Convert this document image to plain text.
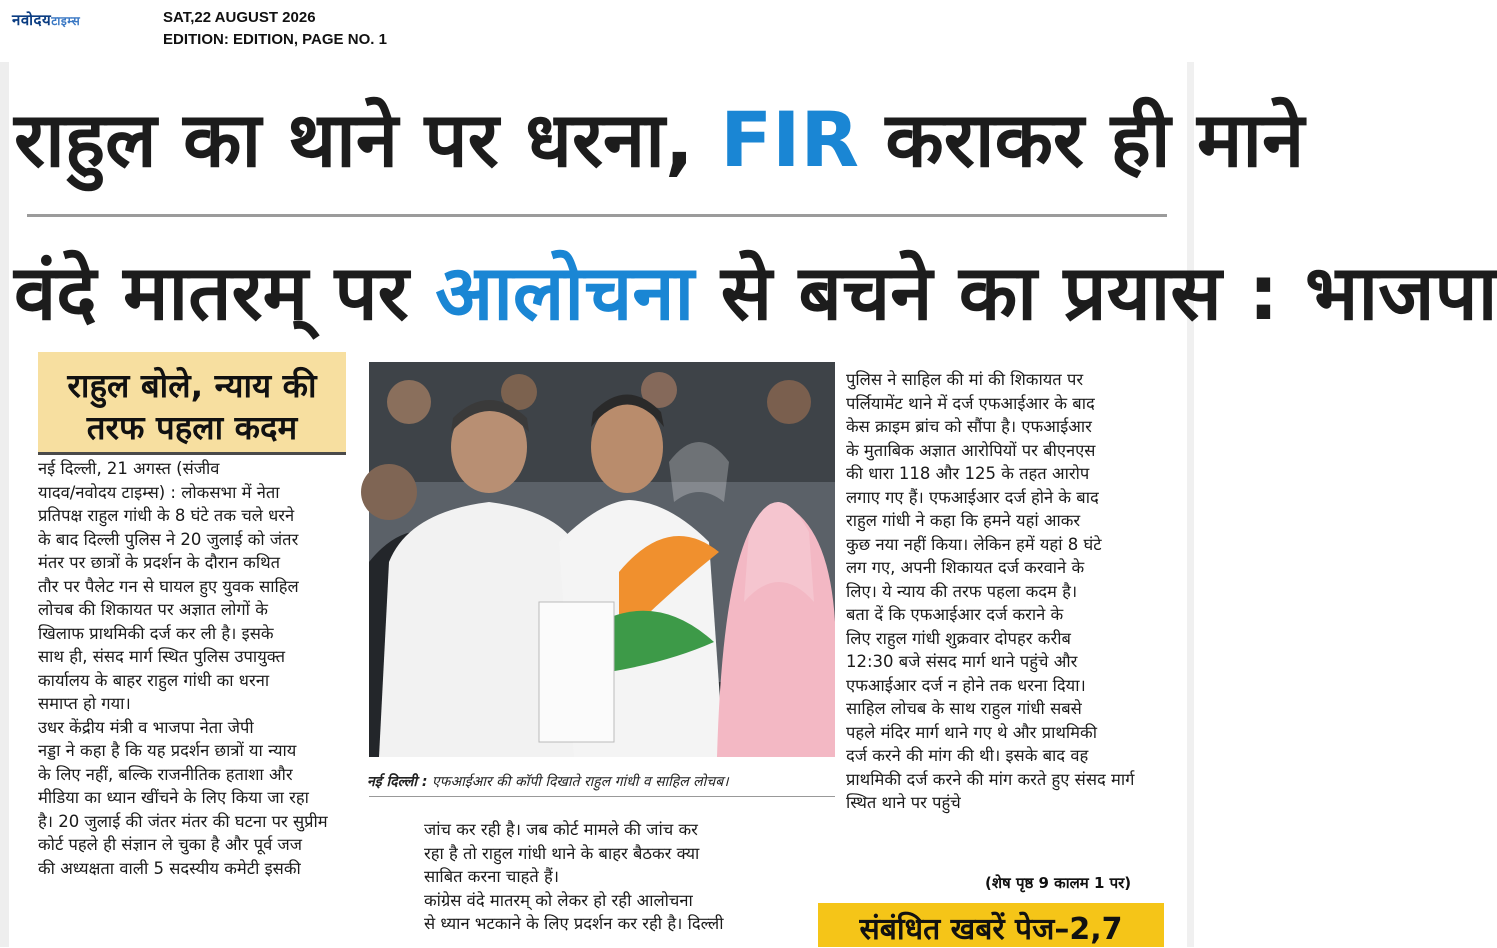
नवोदयटाइम्स	SAT,22 AUGUST 2026
EDITION: EDITION, PAGE NO. 1
राहुल का थाने पर धरना, FIR कराकर ही माने
वंदे मातरम् पर आलोचना से बचने का प्रयास : भाजपा
राहुल बोले, न्याय की
तरफ पहला कदम
नई दिल्ली, 21 अगस्त (संजीव
यादव/नवोदय टाइम्स) : लोकसभा में नेता
प्रतिपक्ष राहुल गांधी के 8 घंटे तक चले धरने
के बाद दिल्ली पुलिस ने 20 जुलाई को जंतर
मंतर पर छात्रों के प्रदर्शन के दौरान कथित
तौर पर पैलेट गन से घायल हुए युवक साहिल
लोचब की शिकायत पर अज्ञात लोगों के
खिलाफ प्राथमिकी दर्ज कर ली है। इसके
साथ ही, संसद मार्ग स्थित पुलिस उपायुक्त
कार्यालय के बाहर राहुल गांधी का धरना
समाप्त हो गया।
उधर केंद्रीय मंत्री व भाजपा नेता जेपी
नड्डा ने कहा है कि यह प्रदर्शन छात्रों या न्याय
के लिए नहीं, बल्कि राजनीतिक हताशा और
मीडिया का ध्यान खींचने के लिए किया जा रहा
है। 20 जुलाई की जंतर मंतर की घटना पर सुप्रीम
कोर्ट पहले ही संज्ञान ले चुका है और पूर्व जज
की अध्यक्षता वाली 5 सदस्यीय कमेटी इसकी
जांच कर रही है। जब कोर्ट मामले की जांच कर
रहा है तो राहुल गांधी थाने के बाहर बैठकर क्या
साबित करना चाहते हैं।
कांग्रेस वंदे मातरम् को लेकर हो रही आलोचना
से ध्यान भटकाने के लिए प्रदर्शन कर रही है। दिल्ली
पुलिस ने साहिल की मां की शिकायत पर
पर्लियामेंट थाने में दर्ज एफआईआर के बाद
केस क्राइम ब्रांच को सौंपा है। एफआईआर
के मुताबिक अज्ञात आरोपियों पर बीएनएस
की धारा 118 और 125 के तहत आरोप
लगाए गए हैं। एफआईआर दर्ज होने के बाद
राहुल गांधी ने कहा कि हमने यहां आकर
कुछ नया नहीं किया। लेकिन हमें यहां 8 घंटे
लग गए, अपनी शिकायत दर्ज करवाने के
लिए। ये न्याय की तरफ पहला कदम है।
बता दें कि एफआईआर दर्ज कराने के
लिए राहुल गांधी शुक्रवार दोपहर करीब
12:30 बजे संसद मार्ग थाने पहुंचे और
एफआईआर दर्ज न होने तक धरना दिया।
साहिल लोचब के साथ राहुल गांधी सबसे
पहले मंदिर मार्ग थाने गए थे और प्राथमिकी
दर्ज करने की मांग की थी। इसके बाद वह
प्राथमिकी दर्ज करने की मांग करते हुए संसद मार्ग
स्थित थाने पर पहुंचे
नई दिल्ली : एफआईआर की कॉपी दिखाते राहुल गांधी व साहिल लोचब।
(शेष पृष्ठ 9 कालम 1 पर)
संबंधित खबरें पेज–2,7
